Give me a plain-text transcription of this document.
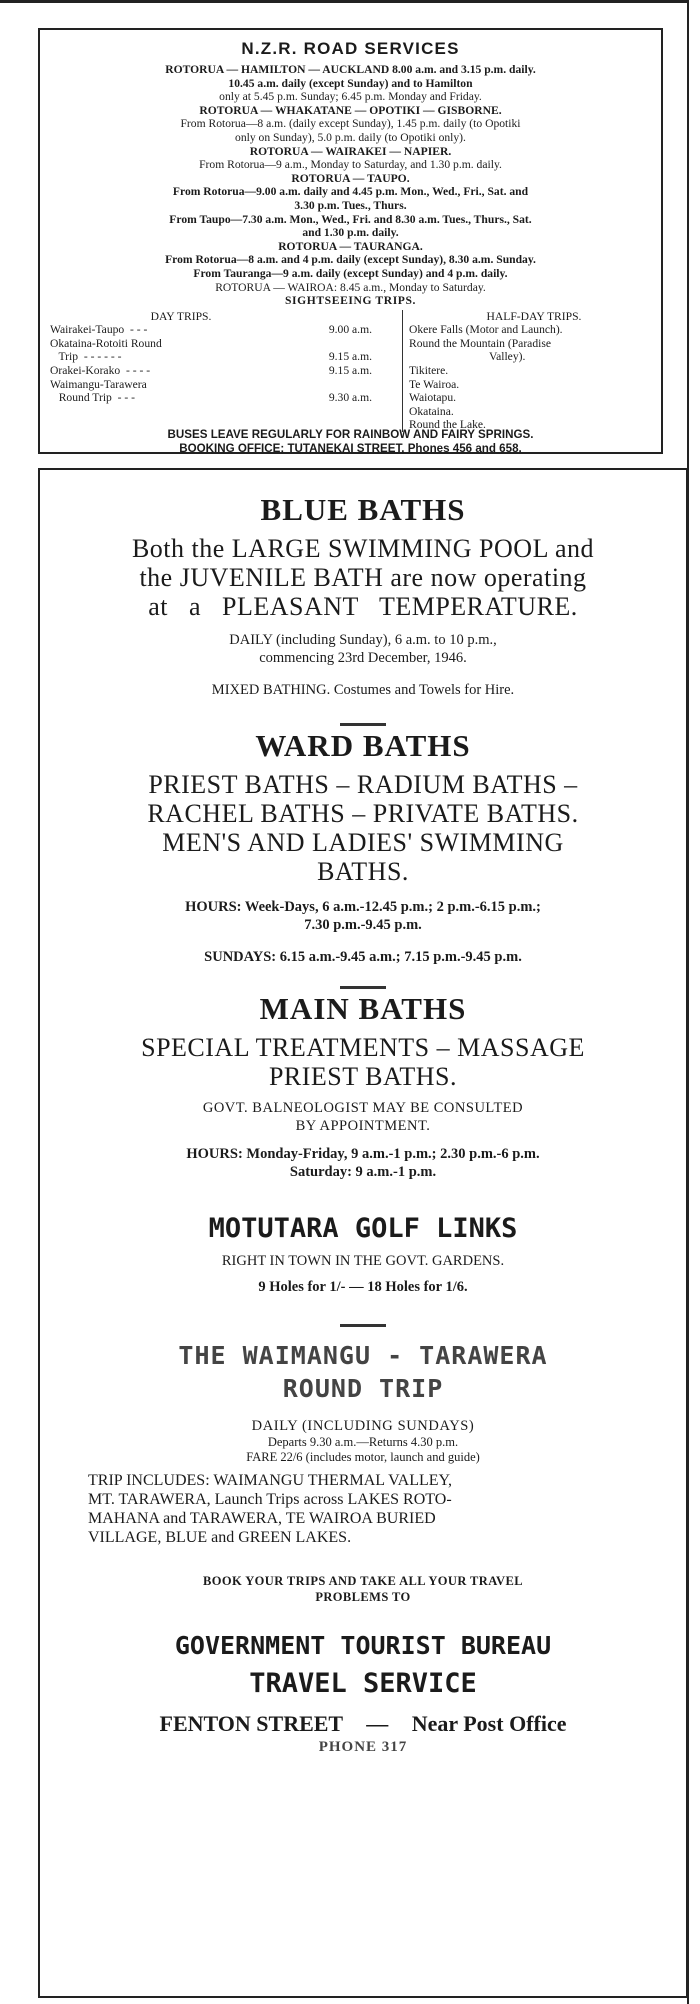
N.Z.R. ROAD SERVICES
ROTORUA — HAMILTON — AUCKLAND 8.00 a.m. and 3.15 p.m. daily.
10.45 a.m. daily (except Sunday) and to Hamilton
only at 5.45 p.m. Sunday; 6.45 p.m. Monday and Friday.
ROTORUA — WHAKATANE — OPOTIKI — GISBORNE.
From Rotorua—8 a.m. (daily except Sunday), 1.45 p.m. daily (to Opotiki
only on Sunday), 5.0 p.m. daily (to Opotiki only).
ROTORUA — WAIRAKEI — NAPIER.
From Rotorua—9 a.m., Monday to Saturday, and 1.30 p.m. daily.
ROTORUA — TAUPO.
From Rotorua—9.00 a.m. daily and 4.45 p.m. Mon., Wed., Fri., Sat. and
3.30 p.m. Tues., Thurs.
From Taupo—7.30 a.m. Mon., Wed., Fri. and 8.30 a.m. Tues., Thurs., Sat.
and 1.30 p.m. daily.
ROTORUA — TAURANGA.
From Rotorua—8 a.m. and 4 p.m. daily (except Sunday), 8.30 a.m. Sunday.
From Tauranga—9 a.m. daily (except Sunday) and 4 p.m. daily.
ROTORUA — WAIROA: 8.45 a.m., Monday to Saturday.
SIGHTSEEING TRIPS.
DAY TRIPS.
Wairakei-Taupo  - - -	9.00 a.m.
Okataina-Rotoiti Round
Trip  - - - - - -	9.15 a.m.
Orakei-Korako  - - - -	9.15 a.m.
Waimangu-Tarawera
Round Trip  - - -	9.30 a.m.
HALF-DAY TRIPS.
Okere Falls (Motor and Launch).
Round the Mountain (Paradise
Valley).
Tikitere.
Te Wairoa.
Waiotapu.
Okataina.
Round the Lake.
BUSES LEAVE REGULARLY FOR RAINBOW AND FAIRY SPRINGS.
BOOKING OFFICE: TUTANEKAI STREET, Phones 456 and 658.
BLUE BATHS
Both the LARGE SWIMMING POOL and
the JUVENILE BATH are now operating
at a PLEASANT TEMPERATURE.
DAILY (including Sunday), 6 a.m. to 10 p.m.,
commencing 23rd December, 1946.
MIXED BATHING. Costumes and Towels for Hire.
WARD BATHS
PRIEST BATHS – RADIUM BATHS –
RACHEL BATHS – PRIVATE BATHS.
MEN'S AND LADIES' SWIMMING
BATHS.
HOURS: Week-Days, 6 a.m.-12.45 p.m.; 2 p.m.-6.15 p.m.;
7.30 p.m.-9.45 p.m.
SUNDAYS: 6.15 a.m.-9.45 a.m.; 7.15 p.m.-9.45 p.m.
MAIN BATHS
SPECIAL TREATMENTS – MASSAGE
PRIEST BATHS.
GOVT. BALNEOLOGIST MAY BE CONSULTED
BY APPOINTMENT.
HOURS: Monday-Friday, 9 a.m.-1 p.m.; 2.30 p.m.-6 p.m.
Saturday: 9 a.m.-1 p.m.
MOTUTARA GOLF LINKS
RIGHT IN TOWN IN THE GOVT. GARDENS.
9 Holes for 1/- — 18 Holes for 1/6.
THE WAIMANGU - TARAWERA
ROUND TRIP
DAILY (INCLUDING SUNDAYS)
Departs 9.30 a.m.—Returns 4.30 p.m.
FARE 22/6 (includes motor, launch and guide)
TRIP INCLUDES: WAIMANGU THERMAL VALLEY,
MT. TARAWERA, Launch Trips across LAKES ROTO-
MAHANA and TARAWERA, TE WAIROA BURIED
VILLAGE, BLUE and GREEN LAKES.
BOOK YOUR TRIPS AND TAKE ALL YOUR TRAVEL
PROBLEMS TO
GOVERNMENT TOURIST BUREAU
TRAVEL SERVICE
FENTON STREET — Near Post Office
PHONE 317
